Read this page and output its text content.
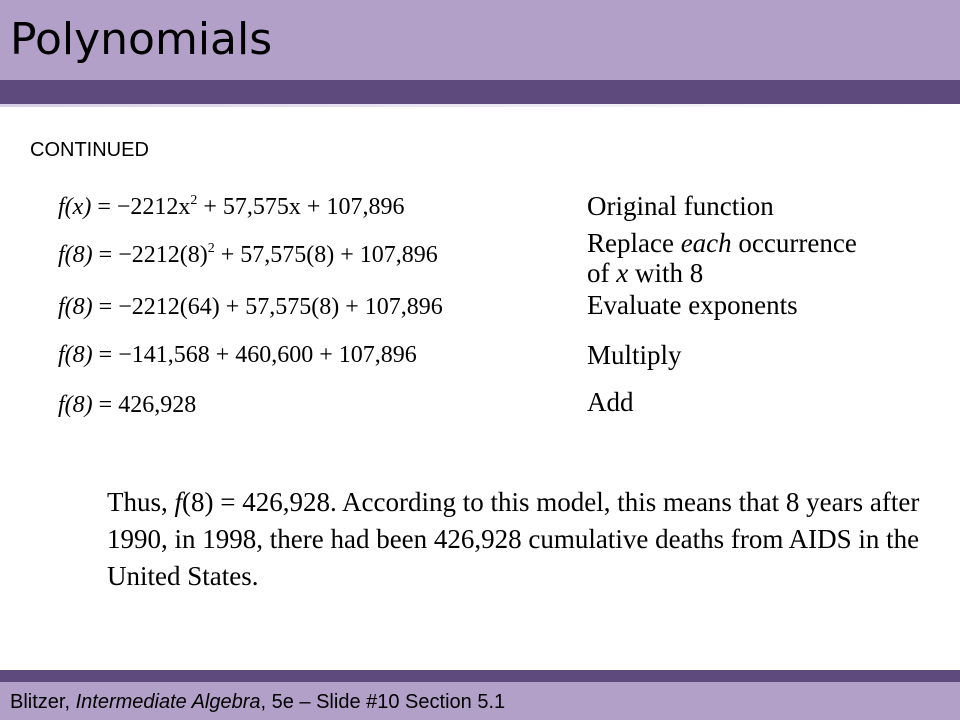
Polynomials
CONTINUED
$f(x) = -2212x^2 + 57,575x + 107,896$
$f(8) = -2212(8)^2 + 57,575(8) + 107,896$
f(8) = −2212(64) + 57,575(8) + 107,896
f(8) = −141,568 + 460,600 + 107,896
f(8) = 426,928
Original function
Replace each occurrence
of x with 8
Evaluate exponents
Multiply
Add
Thus, f(8) = 426,928. According to this model, this means that 8 years after 1990, in 1998, there had been 426,928 cumulative deaths from AIDS in the United States.
Blitzer, Intermediate Algebra, 5e – Slide #10 Section 5.1
